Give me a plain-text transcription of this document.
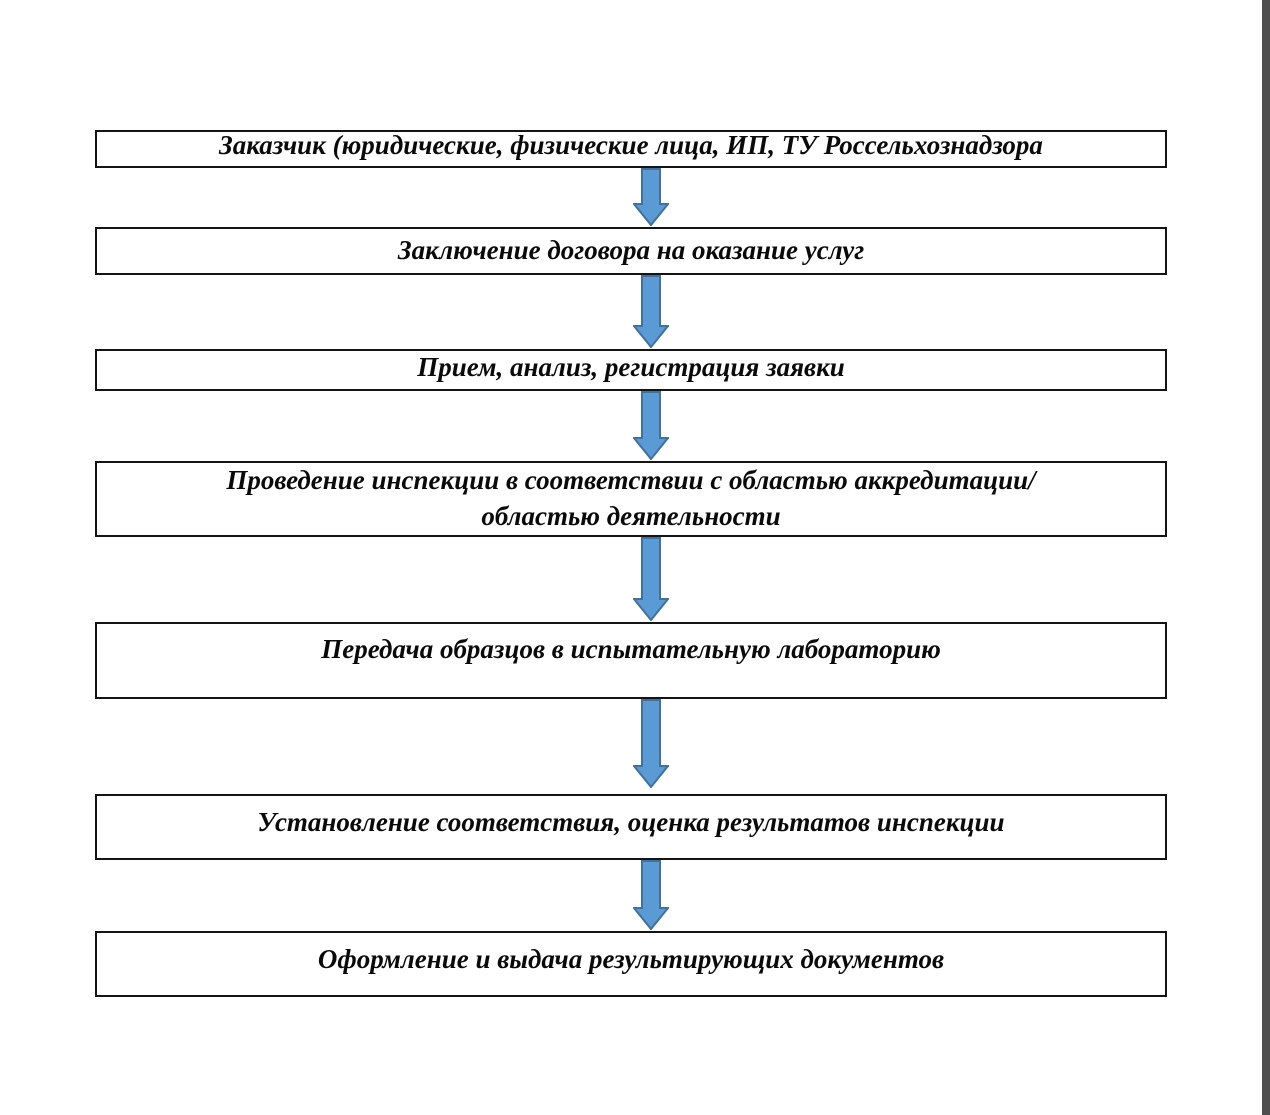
Заказчик (юридические, физические лица, ИП, ТУ Россельхознадзора
Заключение договора на оказание услуг
Прием, анализ, регистрация заявки
Проведение инспекции в соответствии с областью аккредитации/областью деятельности
Передача образцов в испытательную лабораторию
Установление соответствия, оценка результатов инспекции
Оформление и выдача результирующих документов
